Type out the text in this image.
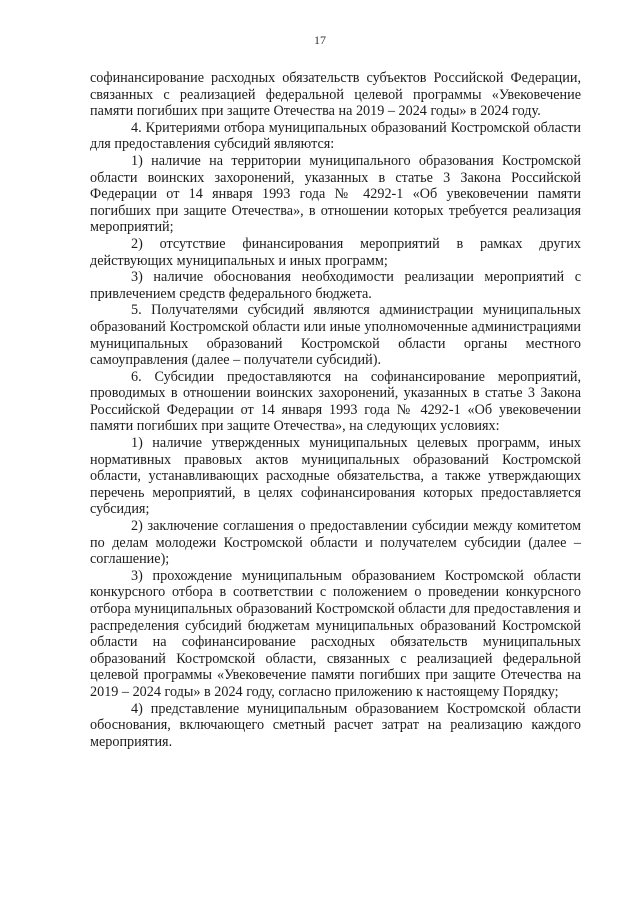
17

софинансирование расходных обязательств субъектов Российской Федерации, связанных с реализацией федеральной целевой программы «Увековечение памяти погибших при защите Отечества на 2019 – 2024 годы» в 2024 году.

4. Критериями отбора муниципальных образований Костромской области для предоставления субсидий являются:

1) наличие на территории муниципального образования Костромской области воинских захоронений, указанных в статье 3 Закона Российской Федерации от 14 января 1993 года № 4292-1 «Об увековечении памяти погибших при защите Отечества», в отношении которых требуется реализация мероприятий;

2) отсутствие финансирования мероприятий в рамках других действующих муниципальных и иных программ;

3) наличие обоснования необходимости реализации мероприятий с привлечением средств федерального бюджета.

5. Получателями субсидий являются администрации муниципальных образований Костромской области или иные уполномоченные администрациями муниципальных образований Костромской области органы местного самоуправления (далее – получатели субсидий).

6. Субсидии предоставляются на софинансирование мероприятий, проводимых в отношении воинских захоронений, указанных в статье 3 Закона Российской Федерации от 14 января 1993 года № 4292-1 «Об увековечении памяти погибших при защите Отечества», на следующих условиях:

1) наличие утвержденных муниципальных целевых программ, иных нормативных правовых актов муниципальных образований Костромской области, устанавливающих расходные обязательства, а также утверждающих перечень мероприятий, в целях софинансирования которых предоставляется субсидия;

2) заключение соглашения о предоставлении субсидии между комитетом по делам молодежи Костромской области и получателем субсидии (далее – соглашение);

3) прохождение муниципальным образованием Костромской области конкурсного отбора в соответствии с положением о проведении конкурсного отбора муниципальных образований Костромской области для предоставления и распределения субсидий бюджетам муниципальных образований Костромской области на софинансирование расходных обязательств муниципальных образований Костромской области, связанных с реализацией федеральной целевой программы «Увековечение памяти погибших при защите Отечества на 2019 – 2024 годы» в 2024 году, согласно приложению к настоящему Порядку;

4) представление муниципальным образованием Костромской области обоснования, включающего сметный расчет затрат на реализацию каждого мероприятия.
